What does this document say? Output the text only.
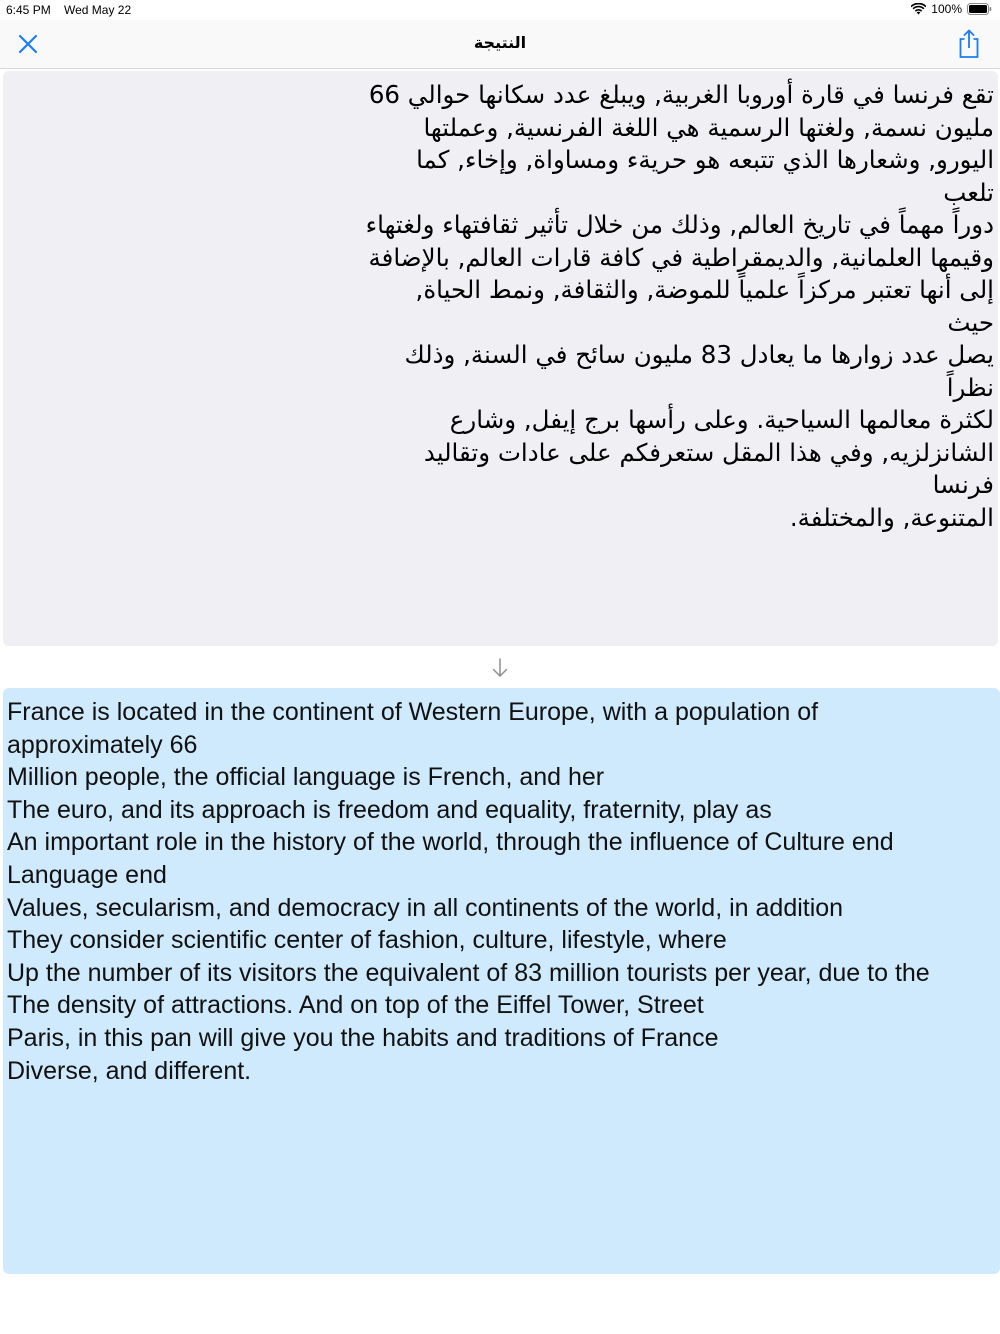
6:45 PM Wed May 22	100%
النتيجة

تقع فرنسا في قارة أوروبا الغربية, ويبلغ عدد سكانها حوالي 66
مليون نسمة, ولغتها الرسمية هي اللغة الفرنسية, وعملتها
اليورو, وشعارها الذي تتبعه هو حريةء ومساواة, وإخاء, كما تلعب
دوراً مهماً في تاريخ العالم, وذلك من خلال تأثير ثقافتهاء ولغتهاء
وقيمها العلمانية, والديمقراطية في كافة قارات العالم, بالإضافة
إلى أنها تعتبر مركزاً علمياً للموضة, والثقافة, ونمط الحياة, حيث
يصل عدد زوارها ما يعادل 83 مليون سائح في السنة, وذلك نظراً
لكثرة معالمها السياحية. وعلى رأسها برج إيفل, وشارع
الشانزلزيه, وفي هذا المقل ستعرفكم على عادات وتقاليد فرنسا
المتنوعة, والمختلفة.

France is located in the continent of Western Europe, with a population of
approximately 66
Million people, the official language is French, and her
The euro, and its approach is freedom and equality, fraternity, play as
An important role in the history of the world, through the influence of Culture end
Language end
Values, secularism, and democracy in all continents of the world, in addition
They consider scientific center of fashion, culture, lifestyle, where
Up the number of its visitors the equivalent of 83 million tourists per year, due to the
The density of attractions. And on top of the Eiffel Tower, Street
Paris, in this pan will give you the habits and traditions of France
Diverse, and different.
